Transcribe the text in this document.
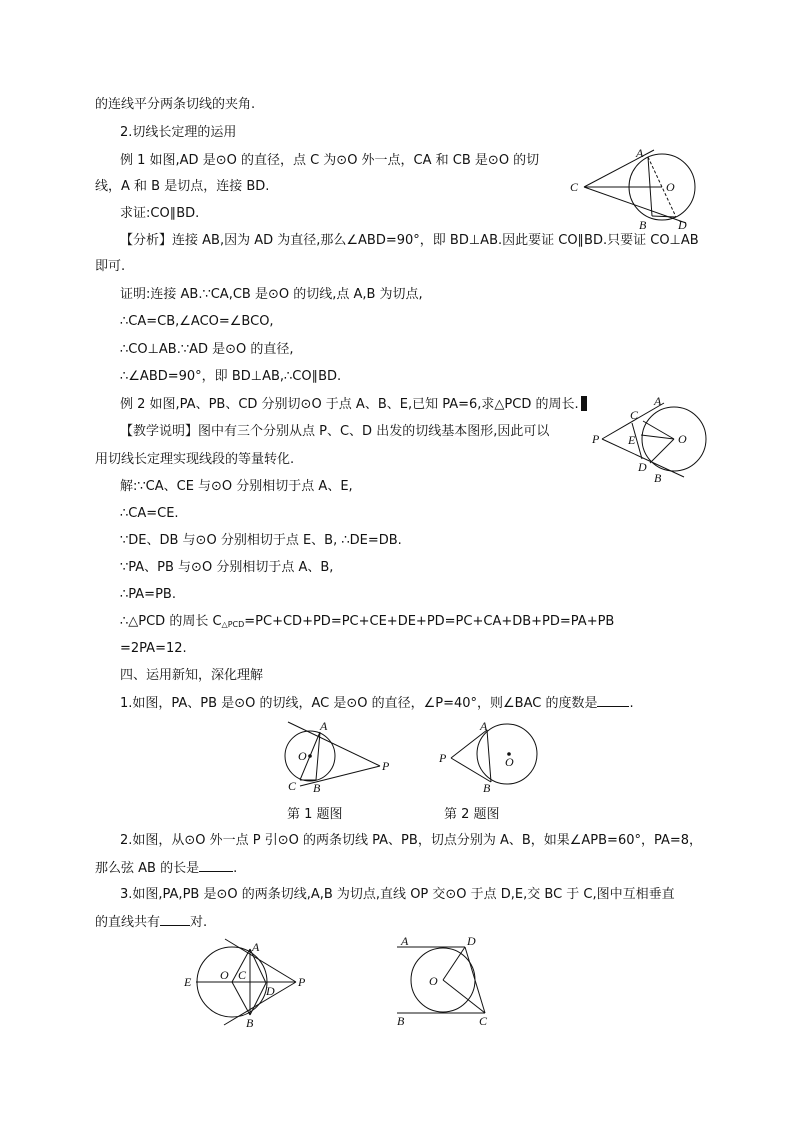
的连线平分两条切线的夹角.
2.切线长定理的运用
例 1 如图,AD 是⊙O 的直径，点 C 为⊙O 外一点，CA 和 CB 是⊙O 的切
线，A 和 B 是切点，连接 BD.
求证:CO∥BD.
【分析】连接 AB,因为 AD 为直径,那么∠ABD=90°，即 BD⊥AB.因此要证 CO∥BD.只要证 CO⊥AB
即可.
证明:连接 AB.∵CA,CB 是⊙O 的切线,点 A,B 为切点,
∴CA=CB,∠ACO=∠BCO,
∴CO⊥AB.∵AD 是⊙O 的直径,
∴∠ABD=90°，即 BD⊥AB,∴CO∥BD.
例 2 如图,PA、PB、CD 分别切⊙O 于点 A、B、E,已知 PA=6,求△PCD 的周长.
【教学说明】图中有三个分别从点 P、C、D 出发的切线基本图形,因此可以
用切线长定理实现线段的等量转化.
解:∵CA、CE 与⊙O 分别相切于点 A、E,
∴CA=CE.
∵DE、DB 与⊙O 分别相切于点 E、B, ∴DE=DB.
∵PA、PB 与⊙O 分别相切于点 A、B,
∴PA=PB.
∴△PCD 的周长 $C_{\triangle PCD}=PC+CD+PD=PC+CE+DE+PD=PC+CA+DB+PD=PA+PB$
=2PA=12.
四、运用新知，深化理解
1.如图，PA、PB 是⊙O 的切线，AC 是⊙O 的直径，∠P=40°，则∠BAC 的度数是 .
2.如图，从⊙O 外一点 P 引⊙O 的两条切线 PA、PB，切点分别为 A、B，如果∠APB=60°，PA=8，
那么弦 AB 的长是	.
3.如图,PA,PB 是⊙O 的两条切线,A,B 为切点,直线 OP 交⊙O 于点 D,E,交 BC 于 C,图中互相垂直
的直线共有 对.
A
B
C
D
O
P
A
B
C
D
E	O
A
B
C
O
P
A
B
O
P
第 1 题图	第 2 题图
A
B
C
D
E O	P
A
B	C
D
O
